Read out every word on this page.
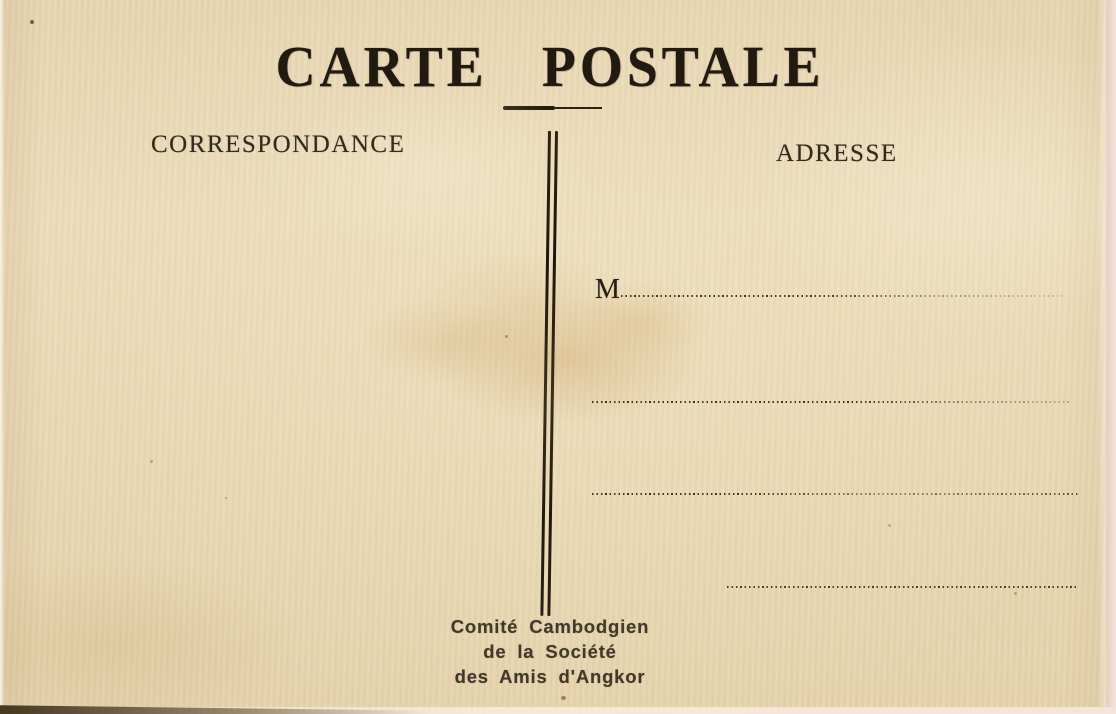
CARTE POSTALE
CORRESPONDANCE	ADRESSE
M
Comité Cambodgien
de la Société
des Amis d'Angkor
